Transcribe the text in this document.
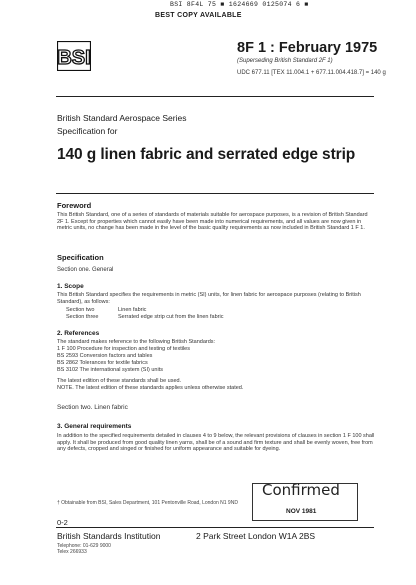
BSI 8F4L 75 ■ 1624669 0125074 6 ■
BEST COPY AVAILABLE
BSI	8F 1 : February 1975
(Superseding British Standard 2F 1)
UDC 677.11 [TEX 11.004.1 + 677.11.004.418.7] = 140 g
British Standard Aerospace Series
Specification for
140 g linen fabric and serrated edge strip
Foreword
This British Standard, one of a series of standards of materials suitable for aerospace purposes, is a revision of British Standard 2F 1. Except for properties which cannot easily have been made into numerical requirements, and all values are now given in metric units, no change has been made in the level of the basic quality requirements as now included in British Standard 1 F 1.
Specification
Section one. General
1. Scope
This British Standard specifies the requirements in metric (SI) units, for linen fabric for aerospace purposes (relating to British Standard), as follows:
Section two	Linen fabric
Section three	Serrated edge strip cut from the linen fabric
2. References
The standard makes reference to the following British Standards:
1 F 100 Procedure for inspection and testing of textiles
BS 2593 Conversion factors and tables
BS 2862 Tolerances for textile fabrics
BS 3102 The international system (SI) units
The latest edition of these standards shall be used.
NOTE. The latest edition of these standards applies unless otherwise stated.
Section two. Linen fabric
3. General requirements
In addition to the specified requirements detailed in clauses 4 to 9 below, the relevant provisions of clauses in section 1 F 100 shall apply. It shall be produced from good quality linen yarns, shall be of a sound and firm texture and shall be evenly woven, free from any defects, cropped and singed or finished for uniform appearance and suitable for dyeing.
Confirmed
NOV 1981
† Obtainable from BSI, Sales Department, 101 Pentonville Road, London N1 9ND
0-2
British Standards Institution	2 Park Street London W1A 2BS
Telephone: 01-629 9000
Telex 266933
